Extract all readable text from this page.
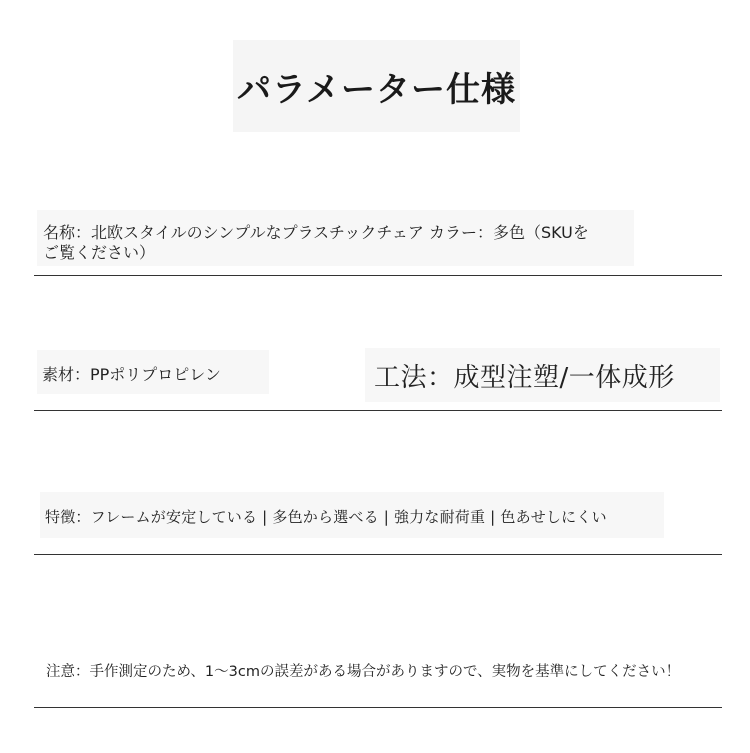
パラメーター仕様
名称：北欧スタイルのシンプルなプラスチックチェア カラー：多色（SKUを
ご覧ください）
素材：PPポリプロピレン	工法：成型注塑/一体成形
特徴：フレームが安定している | 多色から選べる | 強力な耐荷重 | 色あせしにくい
注意：手作測定のため、1～3cmの誤差がある場合がありますので、実物を基準にしてください！
